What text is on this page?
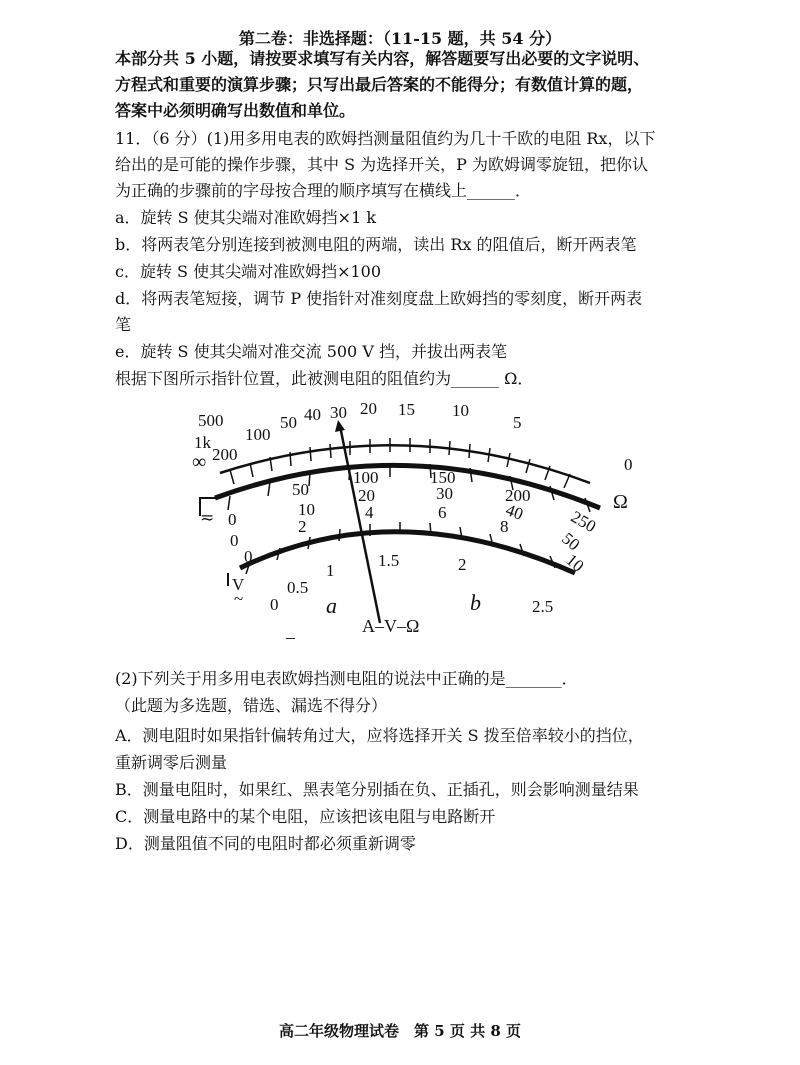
第二卷：非选择题：（11-15 题，共 54 分）
本部分共 5 小题，请按要求填写有关内容，解答题要写出必要的文字说明、
方程式和重要的演算步骤；只写出最后答案的不能得分；有数值计算的题，
答案中必须明确写出数值和单位。
11．（6 分）(1)用多用电表的欧姆挡测量阻值约为几十千欧的电阻 Rx，以下
给出的是可能的操作步骤，其中 S 为选择开关，P 为欧姆调零旋钮，把你认
为正确的步骤前的字母按合理的顺序填写在横线上______．
a．旋转 S 使其尖端对准欧姆挡×1 k
b．将两表笔分别连接到被测电阻的两端，读出 Rx 的阻值后，断开两表笔
c．旋转 S 使其尖端对准欧姆挡×100
d．将两表笔短接，调节 P 使指针对准刻度盘上欧姆挡的零刻度，断开两表
笔
e．旋转 S 使其尖端对准交流 500 V 挡，并拔出两表笔
根据下图所示指针位置，此被测电阻的阻值约为______ Ω．
500
1k
∞ 200
100
50 40 30 20 15 10
5
0
Ω
0
50
100	150
200
250
0
10
20	30
40
50
0
2
4	6
8
10
0
0.5
1
1.5	2
2.5
≂
V
~	a	b
A–V–Ω
–
(2)下列关于用多用电表欧姆挡测电阻的说法中正确的是_______．
（此题为多选题，错选、漏选不得分）
A．测电阻时如果指针偏转角过大，应将选择开关 S 拨至倍率较小的挡位，
重新调零后测量
B．测量电阻时，如果红、黑表笔分别插在负、正插孔，则会影响测量结果
C．测量电路中的某个电阻，应该把该电阻与电路断开
D．测量阻值不同的电阻时都必须重新调零
高二年级物理试卷　第 5 页 共 8 页
